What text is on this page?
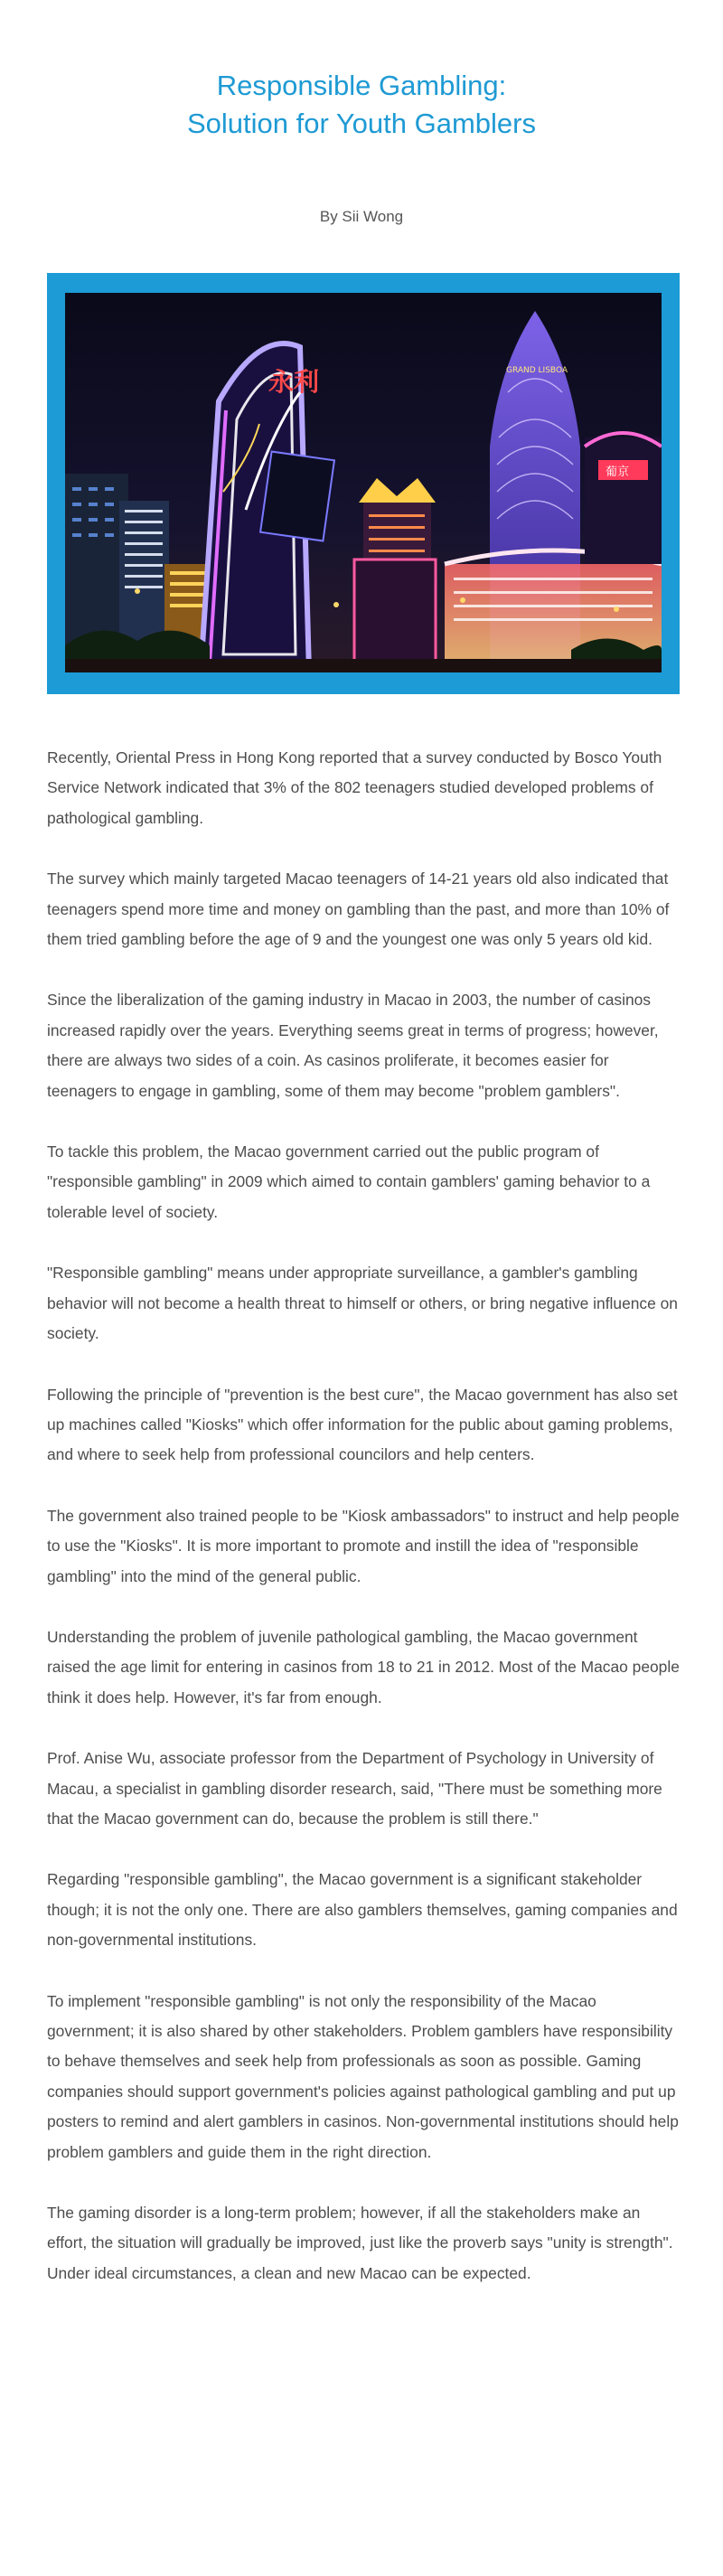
Responsible Gambling:
Solution for Youth Gamblers

By Sii Wong

永利	GRAND LISBOA
葡京

Recently, Oriental Press in Hong Kong reported that a survey conducted by Bosco Youth Service Network indicated that 3% of the 802 teenagers studied developed problems of pathological gambling.

The survey which mainly targeted Macao teenagers of 14-21 years old also indicated that teenagers spend more time and money on gambling than the past, and more than 10% of them tried gambling before the age of 9 and the youngest one was only 5 years old kid.

Since the liberalization of the gaming industry in Macao in 2003, the number of casinos increased rapidly over the years. Everything seems great in terms of progress; however, there are always two sides of a coin. As casinos proliferate, it becomes easier for teenagers to engage in gambling, some of them may become "problem gamblers".

To tackle this problem, the Macao government carried out the public program of "responsible gambling" in 2009 which aimed to contain gamblers' gaming behavior to a tolerable level of society.

"Responsible gambling" means under appropriate surveillance, a gambler's gambling behavior will not become a health threat to himself or others, or bring negative influence on society.

Following the principle of "prevention is the best cure", the Macao government has also set up machines called "Kiosks" which offer information for the public about gaming problems, and where to seek help from professional councilors and help centers.

The government also trained people to be "Kiosk ambassadors" to instruct and help people to use the "Kiosks". It is more important to promote and instill the idea of "responsible gambling" into the mind of the general public.

Understanding the problem of juvenile pathological gambling, the Macao government raised the age limit for entering in casinos from 18 to 21 in 2012. Most of the Macao people think it does help. However, it's far from enough.

Prof. Anise Wu, associate professor from the Department of Psychology in University of Macau, a specialist in gambling disorder research, said, "There must be something more that the Macao government can do, because the problem is still there."

Regarding "responsible gambling", the Macao government is a significant stakeholder though; it is not the only one. There are also gamblers themselves, gaming companies and non-governmental institutions.

To implement "responsible gambling" is not only the responsibility of the Macao government; it is also shared by other stakeholders. Problem gamblers have responsibility to behave themselves and seek help from professionals as soon as possible. Gaming companies should support government's policies against pathological gambling and put up posters to remind and alert gamblers in casinos. Non-governmental institutions should help problem gamblers and guide them in the right direction.

The gaming disorder is a long-term problem; however, if all the stakeholders make an effort, the situation will gradually be improved, just like the proverb says "unity is strength". Under ideal circumstances, a clean and new Macao can be expected.
